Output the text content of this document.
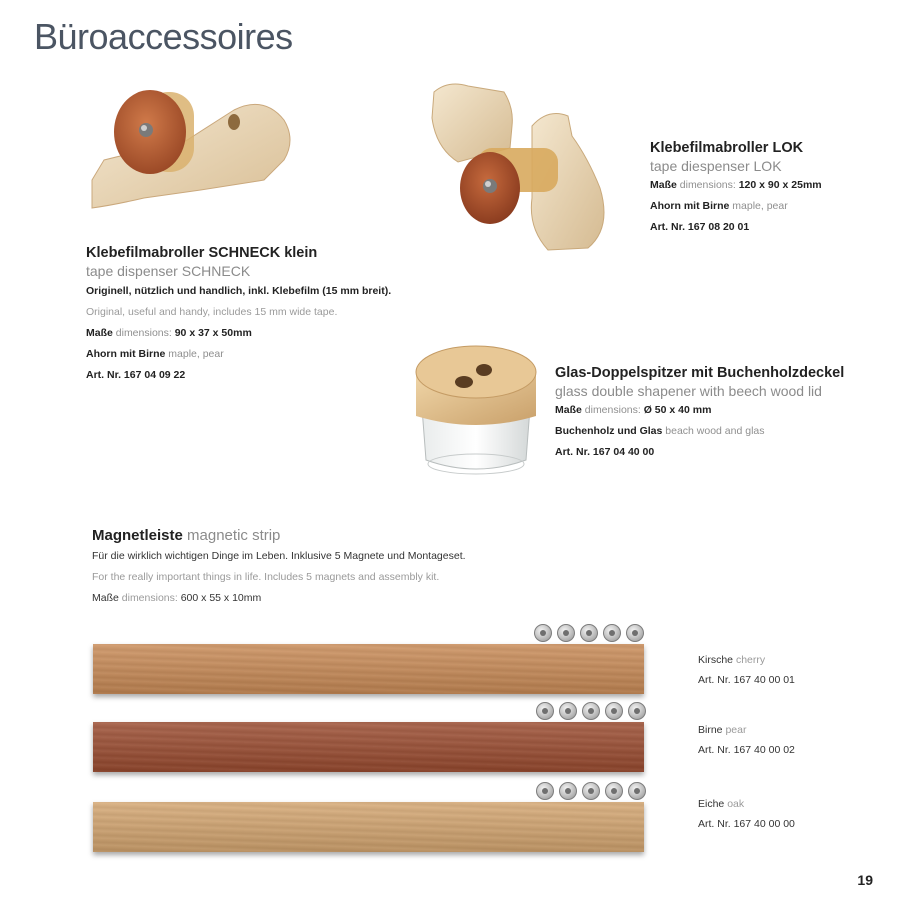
Büroaccessoires
Klebefilmabroller SCHNECK klein
tape dispenser SCHNECK
Originell, nützlich und handlich, inkl. Klebefilm (15 mm breit).
Original, useful and handy, includes 15 mm wide tape.
Maße dimensions: 90 x 37 x 50mm
Ahorn mit Birne maple, pear
Art. Nr. 167 04 09 22
Klebefilmabroller LOK
tape diespenser LOK
Maße dimensions: 120 x 90 x 25mm
Ahorn mit Birne maple, pear
Art. Nr. 167 08 20 01
Glas-Doppelspitzer mit Buchenholzdeckel
glass double shapener with beech wood lid
Maße dimensions: Ø 50 x 40 mm
Buchenholz und Glas beach wood and glas
Art. Nr. 167 04 40 00
Magnetleiste magnetic strip
Für die wirklich wichtigen Dinge im Leben. Inklusive 5 Magnete und Montageset.
For the really important things in life. Includes 5 magnets and assembly kit.
Maße dimensions: 600 x 55 x 10mm
Kirsche cherry
Art. Nr. 167 40 00 01
Birne pear
Art. Nr. 167 40 00 02
Eiche oak
Art. Nr. 167 40 00 00
19
